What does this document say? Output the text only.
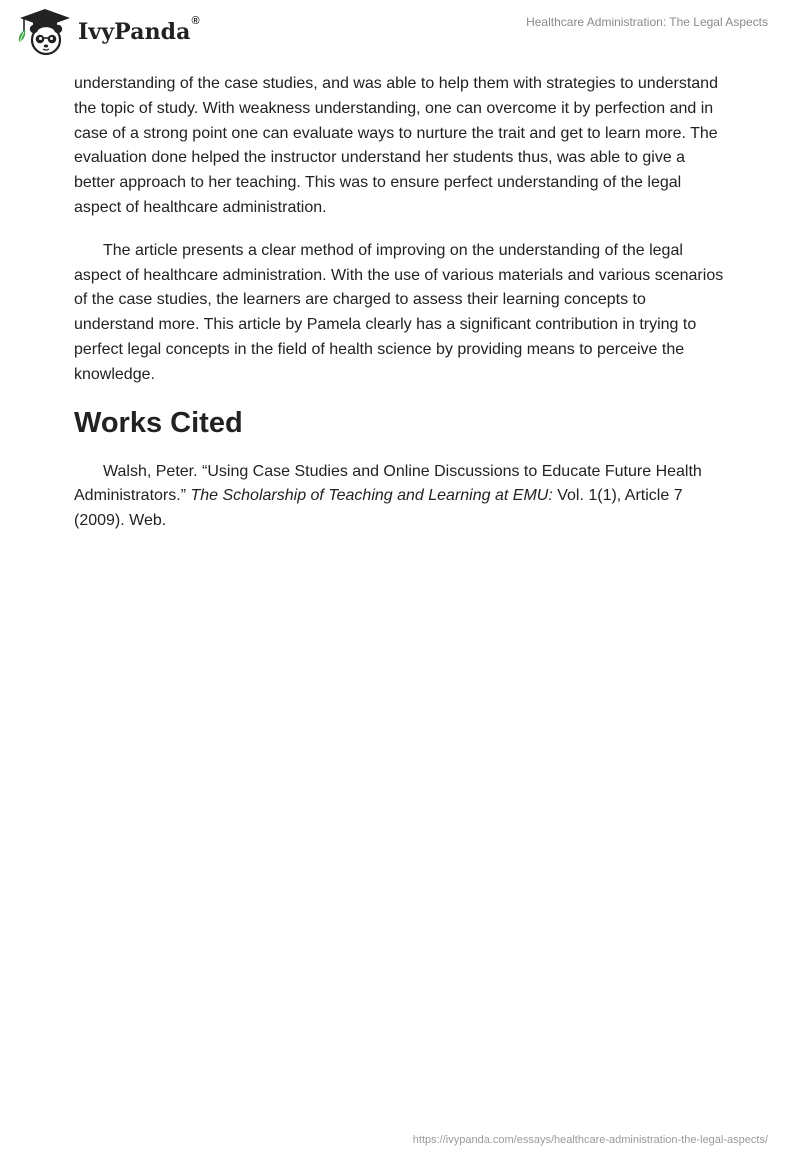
IvyPanda®	Healthcare Administration: The Legal Aspects

understanding of the case studies, and was able to help them with strategies to understand the topic of study. With weakness understanding, one can overcome it by perfection and in case of a strong point one can evaluate ways to nurture the trait and get to learn more. The evaluation done helped the instructor understand her students thus, was able to give a better approach to her teaching. This was to ensure perfect understanding of the legal aspect of healthcare administration.

The article presents a clear method of improving on the understanding of the legal aspect of healthcare administration. With the use of various materials and various scenarios of the case studies, the learners are charged to assess their learning concepts to understand more. This article by Pamela clearly has a significant contribution in trying to perfect legal concepts in the field of health science by providing means to perceive the knowledge.

Works Cited

Walsh, Peter. “Using Case Studies and Online Discussions to Educate Future Health Administrators.” The Scholarship of Teaching and Learning at EMU: Vol. 1(1), Article 7 (2009). Web.

https://ivypanda.com/essays/healthcare-administration-the-legal-aspects/
